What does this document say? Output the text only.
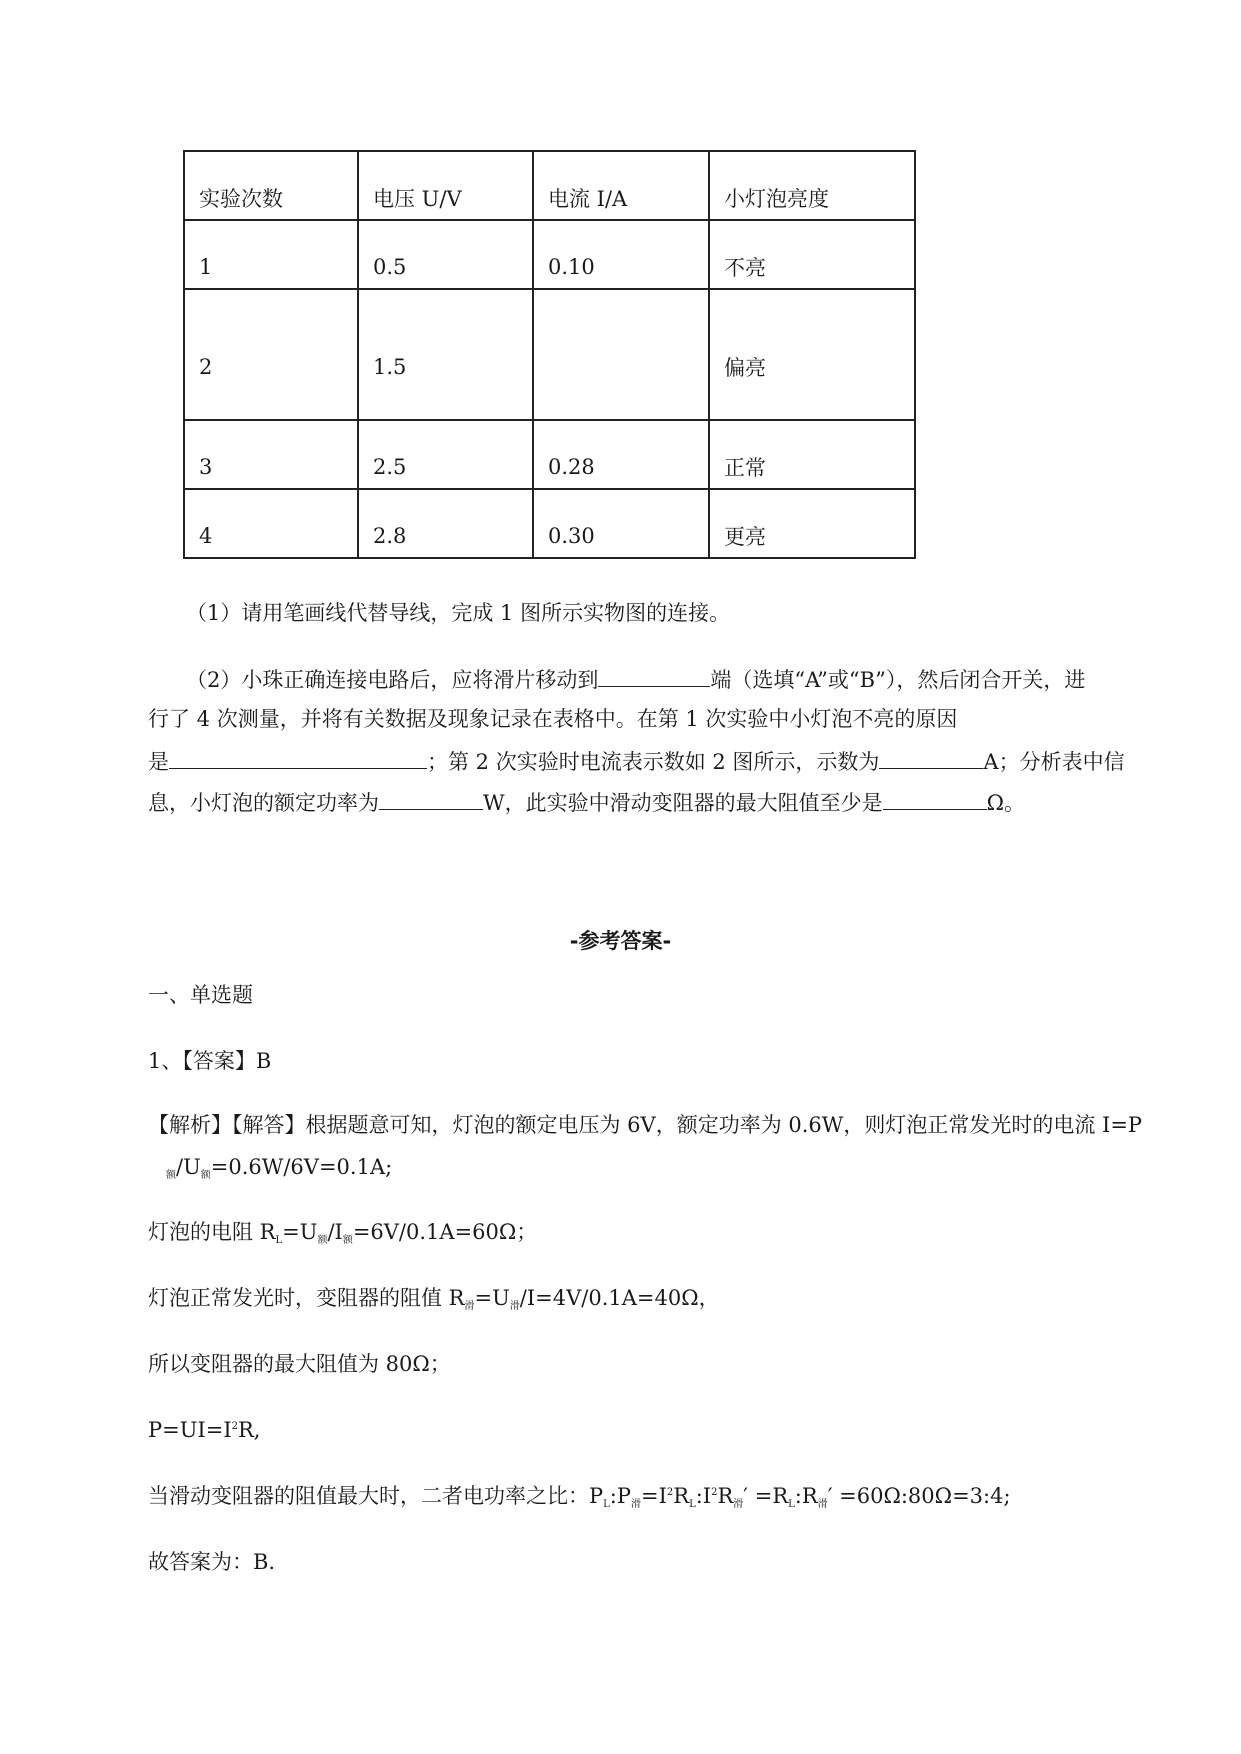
实验次数	电压 U/V	电流 I/A	小灯泡亮度
1	0.5	0.10	不亮
2	1.5		偏亮
3	2.5	0.28	正常
4	2.8	0.30	更亮
（1）请用笔画线代替导线，完成 1 图所示实物图的连接。
（2）小珠正确连接电路后，应将滑片移动到	端（选填“A”或“B”），然后闭合开关，进
行了 4 次测量，并将有关数据及现象记录在表格中。在第 1 次实验中小灯泡不亮的原因
是	；第 2 次实验时电流表示数如 2 图所示，示数为	A；分析表中信
息，小灯泡的额定功率为	W，此实验中滑动变阻器的最大阻值至少是	Ω。
-参考答案-
一、单选题
1、【答案】B
【解析】【解答】根据题意可知，灯泡的额定电压为 6V，额定功率为 0.6W，则灯泡正常发光时的电流 I=P
$_额/U_额=0.6W/6V=0.1A$;
灯泡的电阻 $R_L=U_额/I_额=6V/0.1A=60\Omega$；
灯泡正常发光时，变阻器的阻值 $R_滑=U_滑/I=4V/0.1A=40\Omega$，
所以变阻器的最大阻值为 80Ω；
$P=UI=I^2R$,
当滑动变阻器的阻值最大时，二者电功率之比：$P_L:P_滑=I^2R_L:I^2R_滑'$ $=R_L:R_滑'$ =60Ω:80Ω=3:4;
故答案为：B.
